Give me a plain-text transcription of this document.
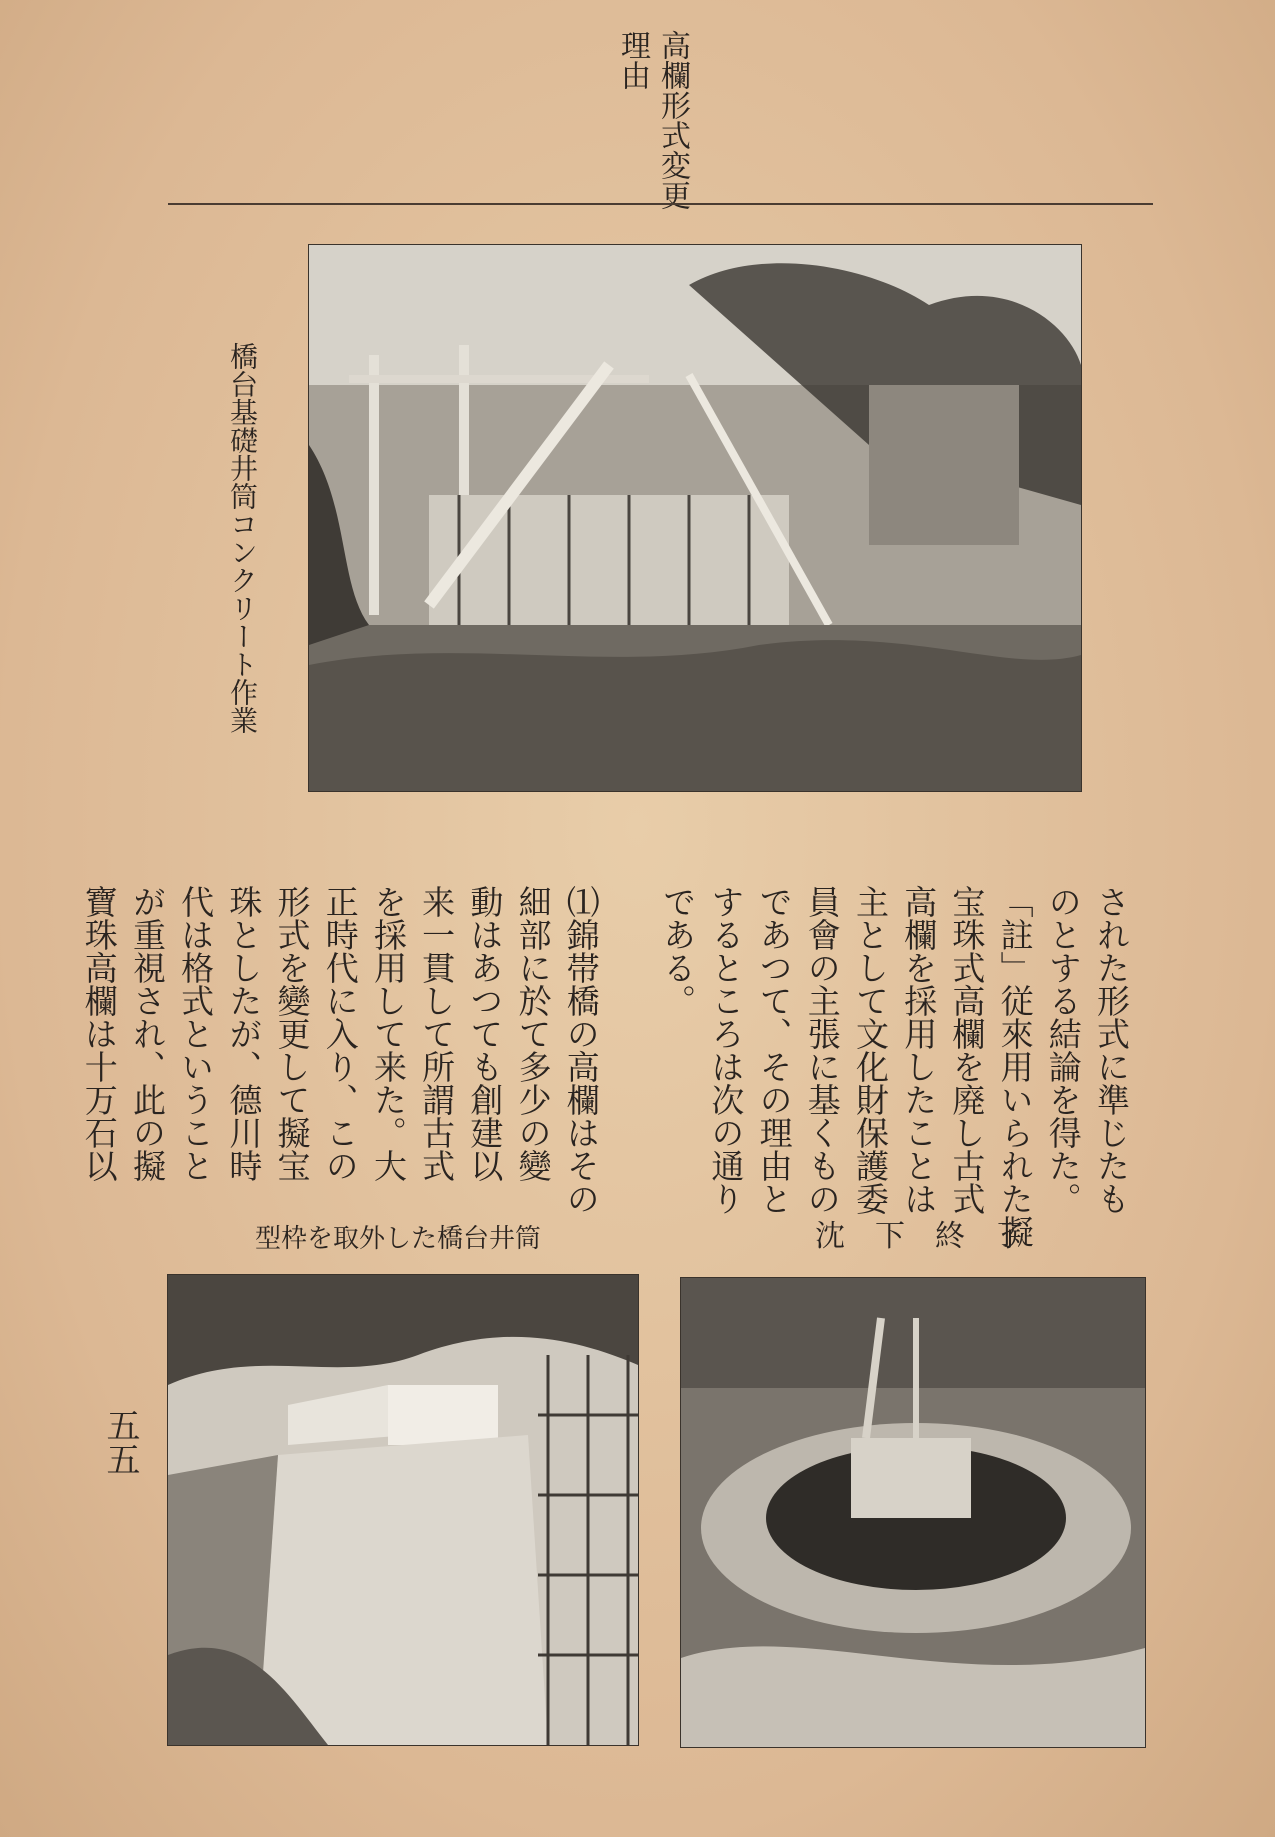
高欄形式変更
理由

橋台基礎井筒コンクリート作業

された形式に準じたも
のとする結論を得た。
「註」従來用いられた擬
宝珠式高欄を廃し古式
高欄を採用したことは
主として文化財保護委
員會の主張に基くもの
であつて、その理由と
するところは次の通り
である。

⑴錦帯橋の高欄はその
細部に於て多少の變
動はあつても創建以
来一貫して所謂古式
を採用して来た。大
正時代に入り、この
形式を變更して擬宝
珠としたが、德川時
代は格式ということ
が重視され、此の擬
寶珠高欄は十万石以

型枠を取外した橋台井筒	沈下終了

五五
